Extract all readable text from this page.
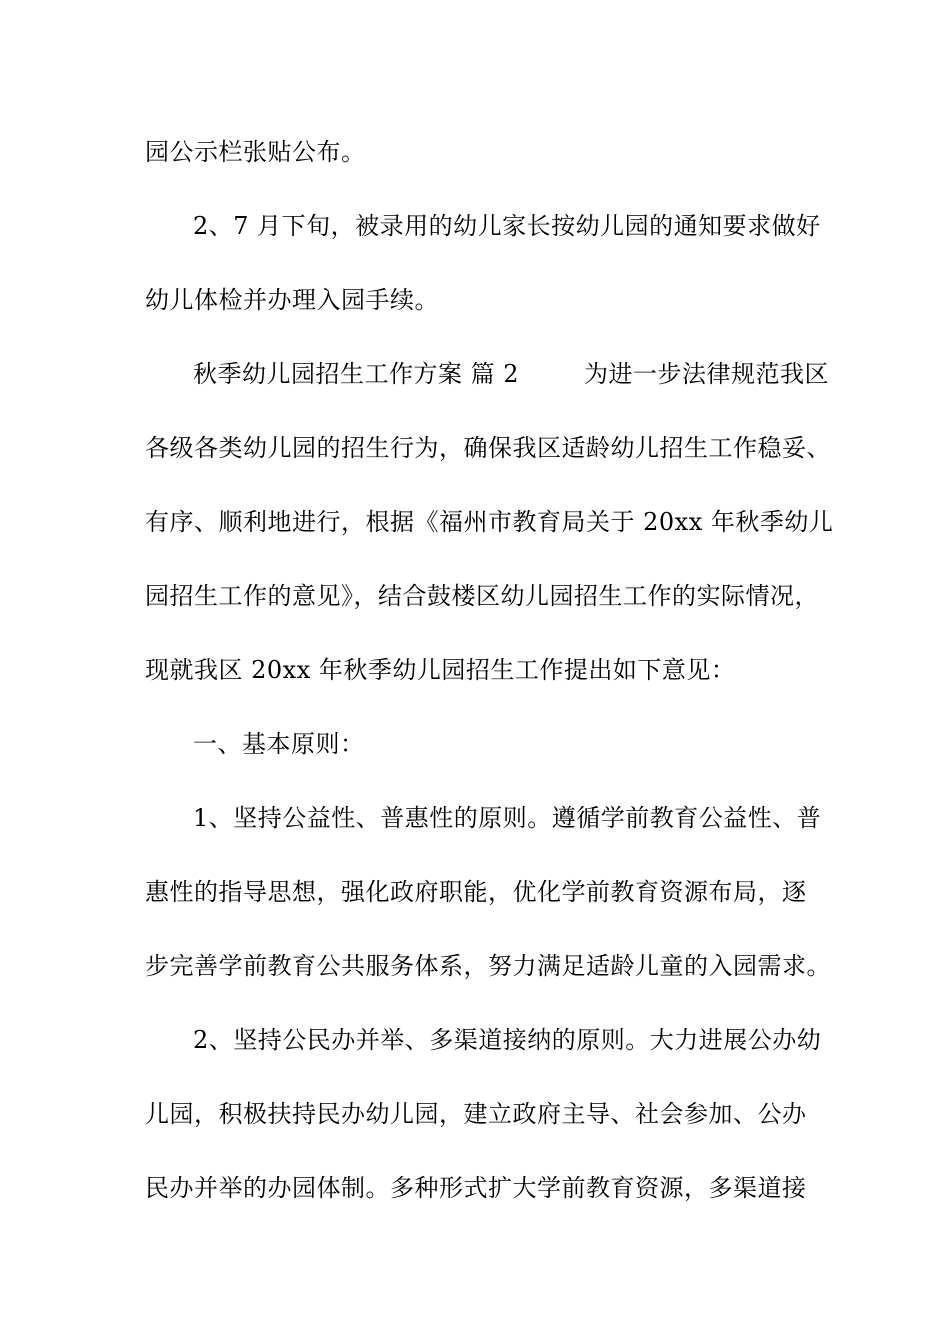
园公示栏张贴公布。
2、7 月下旬，被录用的幼儿家长按幼儿园的通知要求做好
幼儿体检并办理入园手续。
秋季幼儿园招生工作方案 篇 2        为进一步法律规范我区
各级各类幼儿园的招生行为，确保我区适龄幼儿招生工作稳妥、
有序、顺利地进行，根据《福州市教育局关于 20xx 年秋季幼儿
园招生工作的意见》，结合鼓楼区幼儿园招生工作的实际情况，
现就我区 20xx 年秋季幼儿园招生工作提出如下意见：
一、基本原则：
1、坚持公益性、普惠性的原则。遵循学前教育公益性、普
惠性的指导思想，强化政府职能，优化学前教育资源布局，逐
步完善学前教育公共服务体系，努力满足适龄儿童的入园需求。
2、坚持公民办并举、多渠道接纳的原则。大力进展公办幼
儿园，积极扶持民办幼儿园，建立政府主导、社会参加、公办
民办并举的办园体制。多种形式扩大学前教育资源，多渠道接
